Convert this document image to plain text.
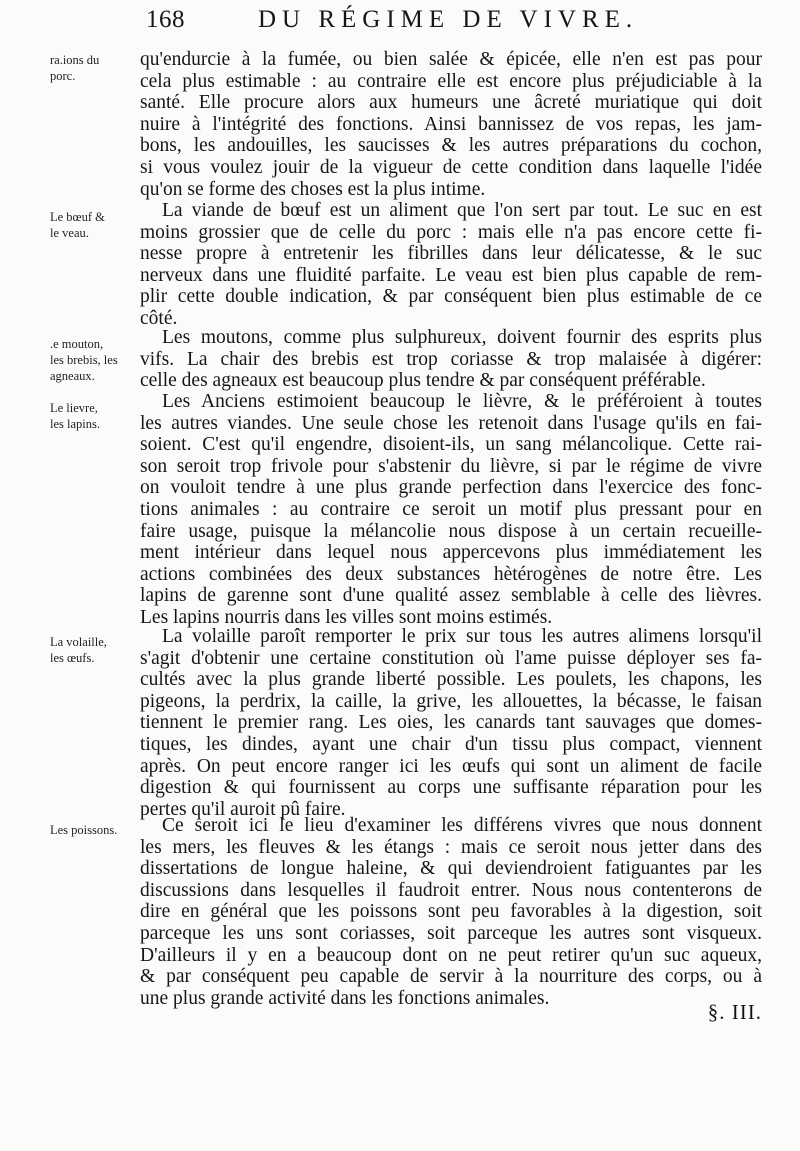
168	DU RÉGIME DE VIVRE.
ra.ions du
porc.
Le bœuf &
le veau.
.e mouton,
les brebis, les
agneaux.
Le lievre,
les lapins.
La volaille,
les œufs.
Les poissons.
qu'endurcie à la fumée, ou bien salée & épicée, elle n'en est pas pour
cela plus estimable : au contraire elle est encore plus préjudiciable à la
santé. Elle procure alors aux humeurs une âcreté muriatique qui doit
nuire à l'intégrité des fonctions. Ainsi bannissez de vos repas, les jam-
bons, les andouilles, les saucisses & les autres préparations du cochon,
si vous voulez jouir de la vigueur de cette condition dans laquelle l'idée
qu'on se forme des choses est la plus intime.
La viande de bœuf est un aliment que l'on sert par tout. Le suc en est
moins grossier que de celle du porc : mais elle n'a pas encore cette fi-
nesse propre à entretenir les fibrilles dans leur délicatesse, & le suc
nerveux dans une fluidité parfaite. Le veau est bien plus capable de rem-
plir cette double indication, & par conséquent bien plus estimable de ce
côté.
Les moutons, comme plus sulphureux, doivent fournir des esprits plus
vifs. La chair des brebis est trop coriasse & trop malaisée à digérer:
celle des agneaux est beaucoup plus tendre & par conséquent préférable.
Les Anciens estimoient beaucoup le lièvre, & le préféroient à toutes
les autres viandes. Une seule chose les retenoit dans l'usage qu'ils en fai-
soient. C'est qu'il engendre, disoient-ils, un sang mélancolique. Cette rai-
son seroit trop frivole pour s'abstenir du lièvre, si par le régime de vivre
on vouloit tendre à une plus grande perfection dans l'exercice des fonc-
tions animales : au contraire ce seroit un motif plus pressant pour en
faire usage, puisque la mélancolie nous dispose à un certain recueille-
ment intérieur dans lequel nous appercevons plus immédiatement les
actions combinées des deux substances hètérogènes de notre être. Les
lapins de garenne sont d'une qualité assez semblable à celle des lièvres.
Les lapins nourris dans les villes sont moins estimés.
La volaille paroît remporter le prix sur tous les autres alimens lorsqu'il
s'agit d'obtenir une certaine constitution où l'ame puisse déployer ses fa-
cultés avec la plus grande liberté possible. Les poulets, les chapons, les
pigeons, la perdrix, la caille, la grive, les allouettes, la bécasse, le faisan
tiennent le premier rang. Les oies, les canards tant sauvages que domes-
tiques, les dindes, ayant une chair d'un tissu plus compact, viennent
après. On peut encore ranger ici les œufs qui sont un aliment de facile
digestion & qui fournissent au corps une suffisante réparation pour les
pertes qu'il auroit pû faire.
Ce seroit ici le lieu d'examiner les différens vivres que nous donnent
les mers, les fleuves & les étangs : mais ce seroit nous jetter dans des
dissertations de longue haleine, & qui deviendroient fatiguantes par les
discussions dans lesquelles il faudroit entrer. Nous nous contenterons de
dire en général que les poissons sont peu favorables à la digestion, soit
parceque les uns sont coriasses, soit parceque les autres sont visqueux.
D'ailleurs il y en a beaucoup dont on ne peut retirer qu'un suc aqueux,
& par conséquent peu capable de servir à la nourriture des corps, ou à
une plus grande activité dans les fonctions animales.
§. III.
